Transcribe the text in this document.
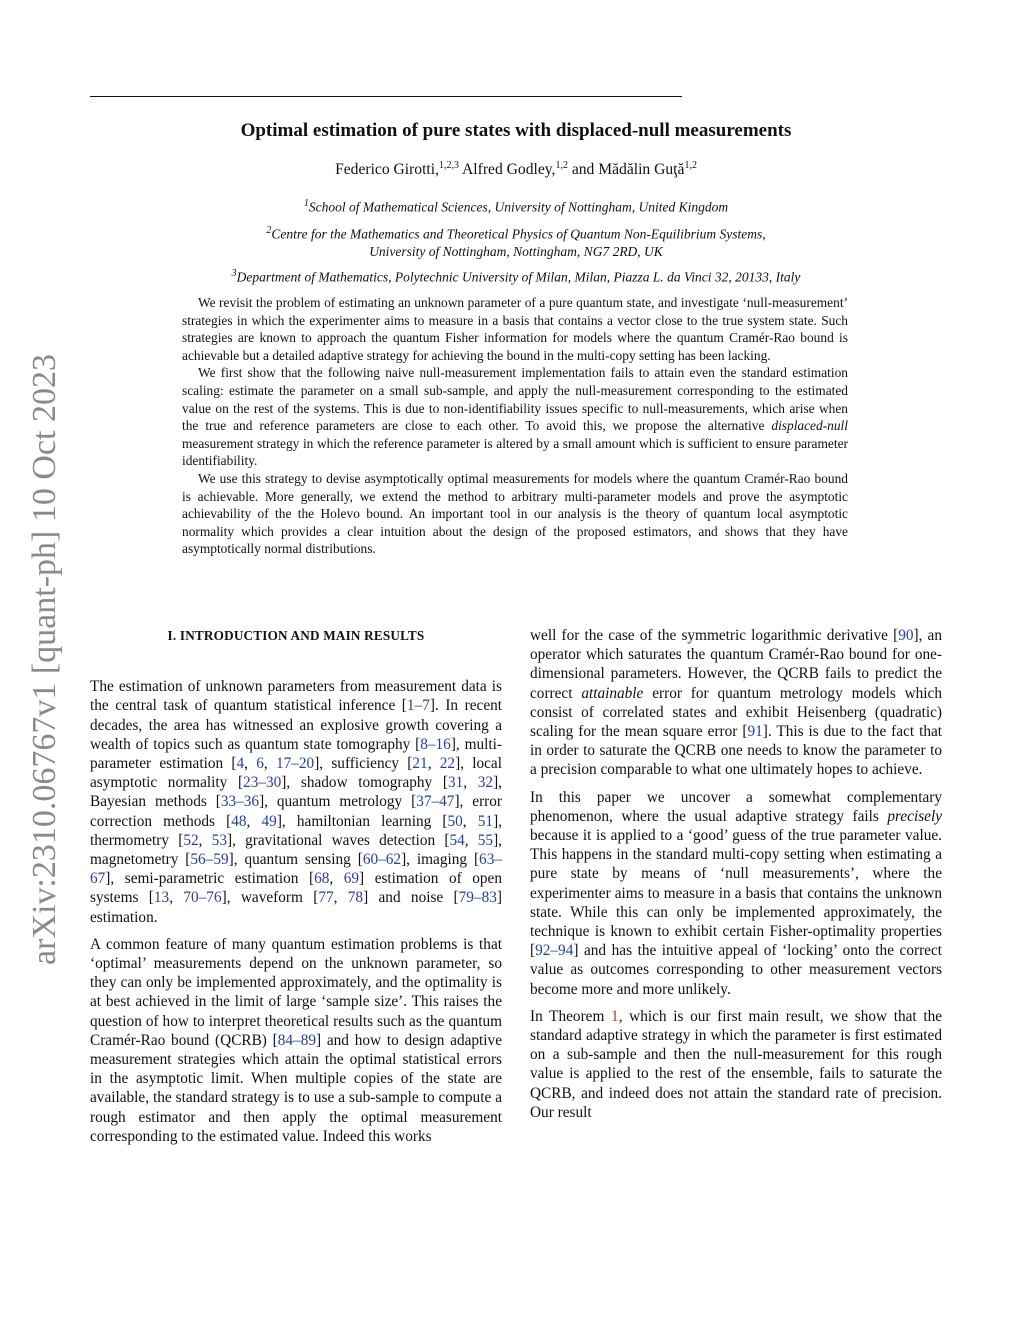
arXiv:2310.06767v1 [quant-ph] 10 Oct 2023
Optimal estimation of pure states with displaced-null measurements
Federico Girotti,$^{1,2,3}$ Alfred Godley,$^{1,2}$ and Mădălin Guţă$^{1,2}$
$^1$School of Mathematical Sciences, University of Nottingham, United Kingdom
$^2$Centre for the Mathematics and Theoretical Physics of Quantum Non-Equilibrium Systems,
University of Nottingham, Nottingham, NG7 2RD, UK
$^3$Department of Mathematics, Polytechnic University of Milan, Milan, Piazza L. da Vinci 32, 20133, Italy

We revisit the problem of estimating an unknown parameter of a pure quantum state, and investigate ‘null-measurement’ strategies in which the experimenter aims to measure in a basis that contains a vector close to the true system state. Such strategies are known to approach the quantum Fisher information for models where the quantum Cramér-Rao bound is achievable but a detailed adaptive strategy for achieving the bound in the multi-copy setting has been lacking.

We first show that the following naive null-measurement implementation fails to attain even the standard estimation scaling: estimate the parameter on a small sub-sample, and apply the null-measurement corresponding to the estimated value on the rest of the systems. This is due to non-identifiability issues specific to null-measurements, which arise when the true and reference parameters are close to each other. To avoid this, we propose the alternative displaced-null measurement strategy in which the reference parameter is altered by a small amount which is sufficient to ensure parameter identifiability.

We use this strategy to devise asymptotically optimal measurements for models where the quantum Cramér-Rao bound is achievable. More generally, we extend the method to arbitrary multi-parameter models and prove the asymptotic achievability of the the Holevo bound. An important tool in our analysis is the theory of quantum local asymptotic normality which provides a clear intuition about the design of the proposed estimators, and shows that they have asymptotically normal distributions.

I. INTRODUCTION AND MAIN RESULTS

The estimation of unknown parameters from measurement data is the central task of quantum statistical inference [1–7]. In recent decades, the area has witnessed an explosive growth covering a wealth of topics such as quantum state tomography [8–16], multi-parameter estimation [4, 6, 17–20], sufficiency [21, 22], local asymptotic normality [23–30], shadow tomography [31, 32], Bayesian methods [33–36], quantum metrology [37–47], error correction methods [48, 49], hamiltonian learning [50, 51], thermometry [52, 53], gravitational waves detection [54, 55], magnetometry [56–59], quantum sensing [60–62], imaging [63–67], semi-parametric estimation [68, 69] estimation of open systems [13, 70–76], waveform [77, 78] and noise [79–83] estimation.

A common feature of many quantum estimation problems is that ‘optimal’ measurements depend on the unknown parameter, so they can only be implemented approximately, and the optimality is at best achieved in the limit of large ‘sample size’. This raises the question of how to interpret theoretical results such as the quantum Cramér-Rao bound (QCRB) [84–89] and how to design adaptive measurement strategies which attain the optimal statistical errors in the asymptotic limit. When multiple copies of the state are available, the standard strategy is to use a sub-sample to compute a rough estimator and then apply the optimal measurement corresponding to the estimated value. Indeed this works

well for the case of the symmetric logarithmic derivative [90], an operator which saturates the quantum Cramér-Rao bound for one-dimensional parameters. However, the QCRB fails to predict the correct attainable error for quantum metrology models which consist of correlated states and exhibit Heisenberg (quadratic) scaling for the mean square error [91]. This is due to the fact that in order to saturate the QCRB one needs to know the parameter to a precision comparable to what one ultimately hopes to achieve.

In this paper we uncover a somewhat complementary phenomenon, where the usual adaptive strategy fails precisely because it is applied to a ‘good’ guess of the true parameter value. This happens in the standard multi-copy setting when estimating a pure state by means of ‘null measurements’, where the experimenter aims to measure in a basis that contains the unknown state. While this can only be implemented approximately, the technique is known to exhibit certain Fisher-optimality properties [92–94] and has the intuitive appeal of ‘locking’ onto the correct value as outcomes corresponding to other measurement vectors become more and more unlikely.

In Theorem 1, which is our first main result, we show that the standard adaptive strategy in which the parameter is first estimated on a sub-sample and then the null-measurement for this rough value is applied to the rest of the ensemble, fails to saturate the QCRB, and indeed does not attain the standard rate of precision. Our result
